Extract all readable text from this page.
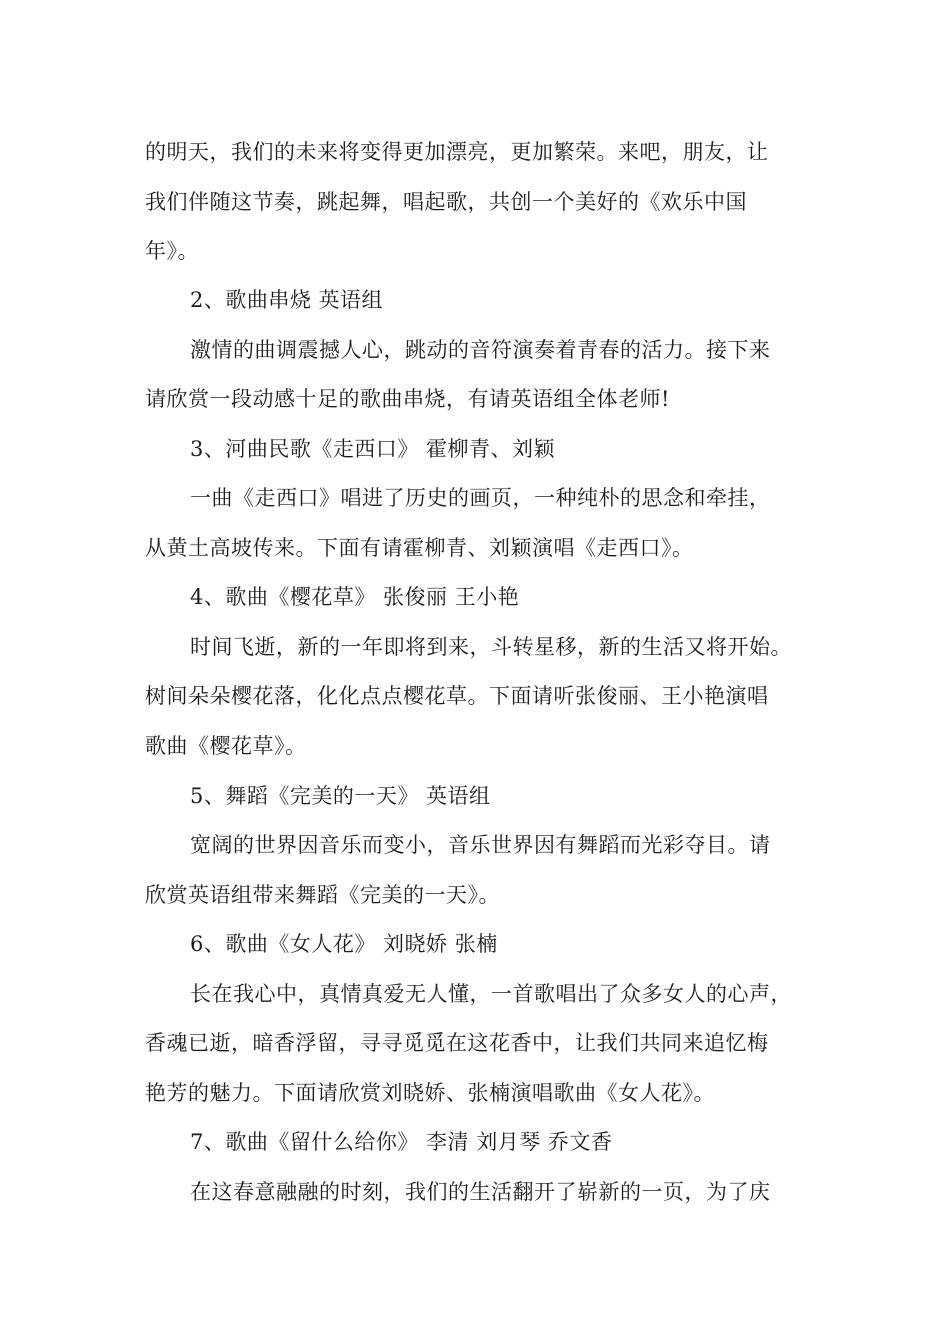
的明天，我们的未来将变得更加漂亮，更加繁荣。来吧，朋友，让
我们伴随这节奏，跳起舞，唱起歌，共创一个美好的《欢乐中国
年》。
2、歌曲串烧 英语组
激情的曲调震撼人心，跳动的音符演奏着青春的活力。接下来
请欣赏一段动感十足的歌曲串烧，有请英语组全体老师!
3、河曲民歌《走西口》 霍柳青、刘颖
一曲《走西口》唱进了历史的画页，一种纯朴的思念和牵挂，
从黄土高坡传来。下面有请霍柳青、刘颖演唱《走西口》。
4、歌曲《樱花草》 张俊丽 王小艳
时间飞逝，新的一年即将到来，斗转星移，新的生活又将开始。
树间朵朵樱花落，化化点点樱花草。下面请听张俊丽、王小艳演唱
歌曲《樱花草》。
5、舞蹈《完美的一天》 英语组
宽阔的世界因音乐而变小，音乐世界因有舞蹈而光彩夺目。请
欣赏英语组带来舞蹈《完美的一天》。
6、歌曲《女人花》 刘晓娇 张楠
长在我心中，真情真爱无人懂，一首歌唱出了众多女人的心声，
香魂已逝，暗香浮留，寻寻觅觅在这花香中，让我们共同来追忆梅
艳芳的魅力。下面请欣赏刘晓娇、张楠演唱歌曲《女人花》。
7、歌曲《留什么给你》 李清 刘月琴 乔文香
在这春意融融的时刻，我们的生活翻开了崭新的一页，为了庆
